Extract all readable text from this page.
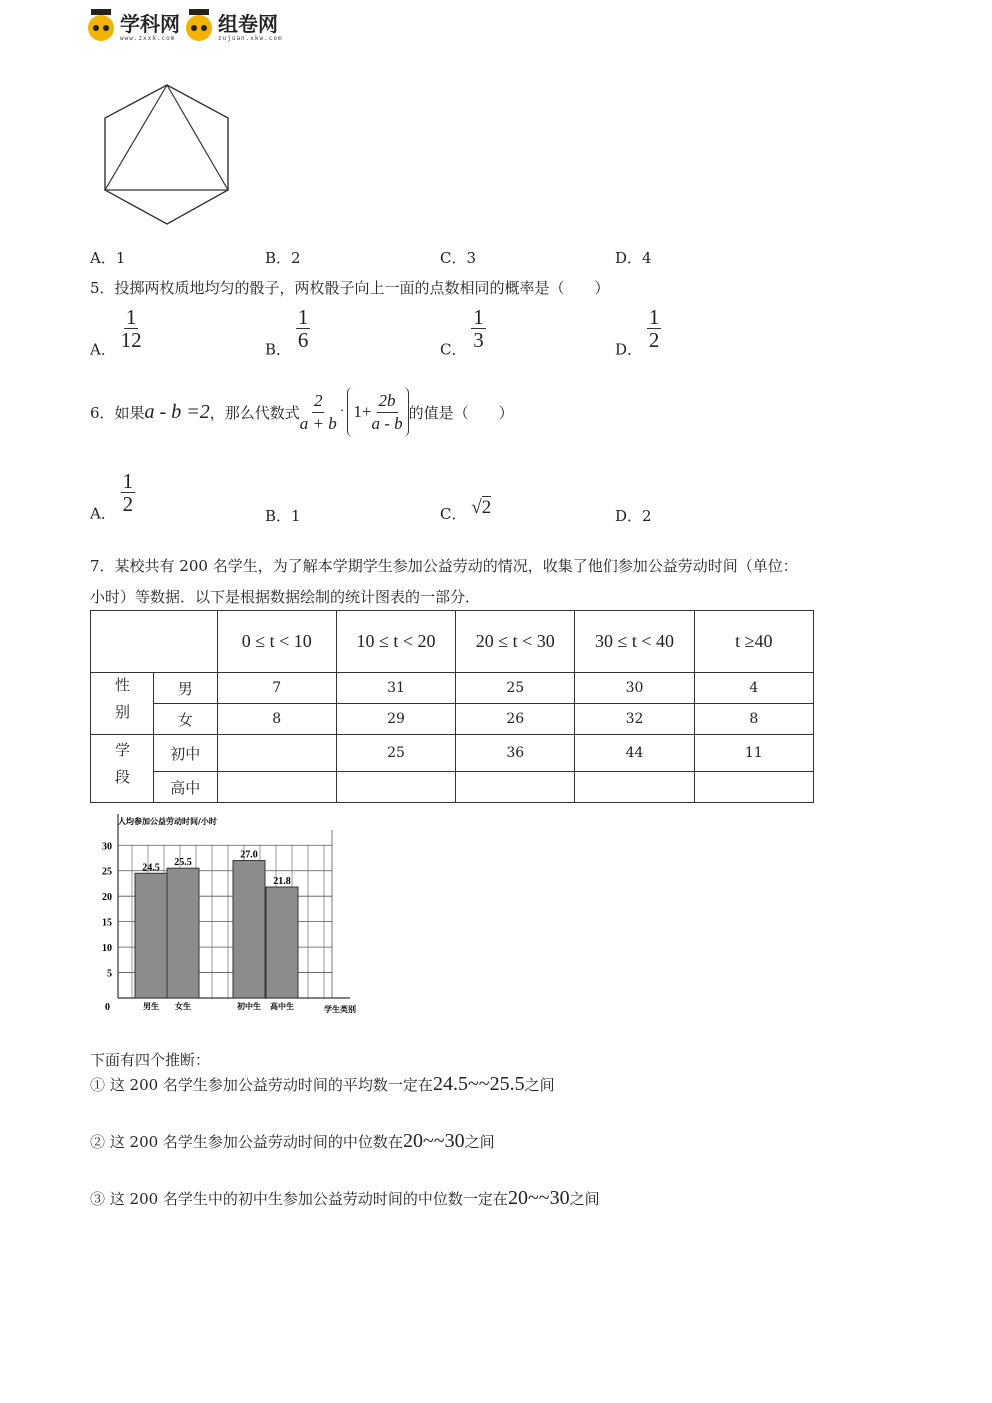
学科网
www.zxxk.com
组卷网
zujuan.xkw.com
A．1	B．2	C．3	D．4
5．投掷两枚质地均匀的骰子，两枚骰子向上一面的点数相同的概率是（　　）
A． $\frac{1}{12}$	B． $\frac{1}{6}$	C． $\frac{1}{3}$	D． $\frac{1}{2}$
6．如果 a - b =2 ，那么代数式 $\frac{2}{a + b} \cdot 1+ \frac{2b}{a - b}$ 的值是（　　）
A． $\frac{1}{2}$
B．1	C． √2	D．2
7．某校共有 200 名学生，为了解本学期学生参加公益劳动的情况，收集了他们参加公益劳动时间（单位：
小时）等数据．以下是根据数据绘制的统计图表的一部分．
		0 ≤ t < 10	10 ≤ t < 20	20 ≤ t < 30	30 ≤ t < 40	t ≥40
性别	男	7	31	25	30	4
	女	8	29	26	32	8
学段	初中		25	36	44	11
	高中					
0
5
10
15
20
25
30
24.5
男生
25.5
女生
27.0
初中生
21.8
高中生
人均参加公益劳动时间/小时
学生类别
下面有四个推断：
① 这 200 名学生参加公益劳动时间的平均数一定在 24.5~~25.5 之间
② 这 200 名学生参加公益劳动时间的中位数在 20~~30 之间
③ 这 200 名学生中的初中生参加公益劳动时间的中位数一定在 20~~30 之间
